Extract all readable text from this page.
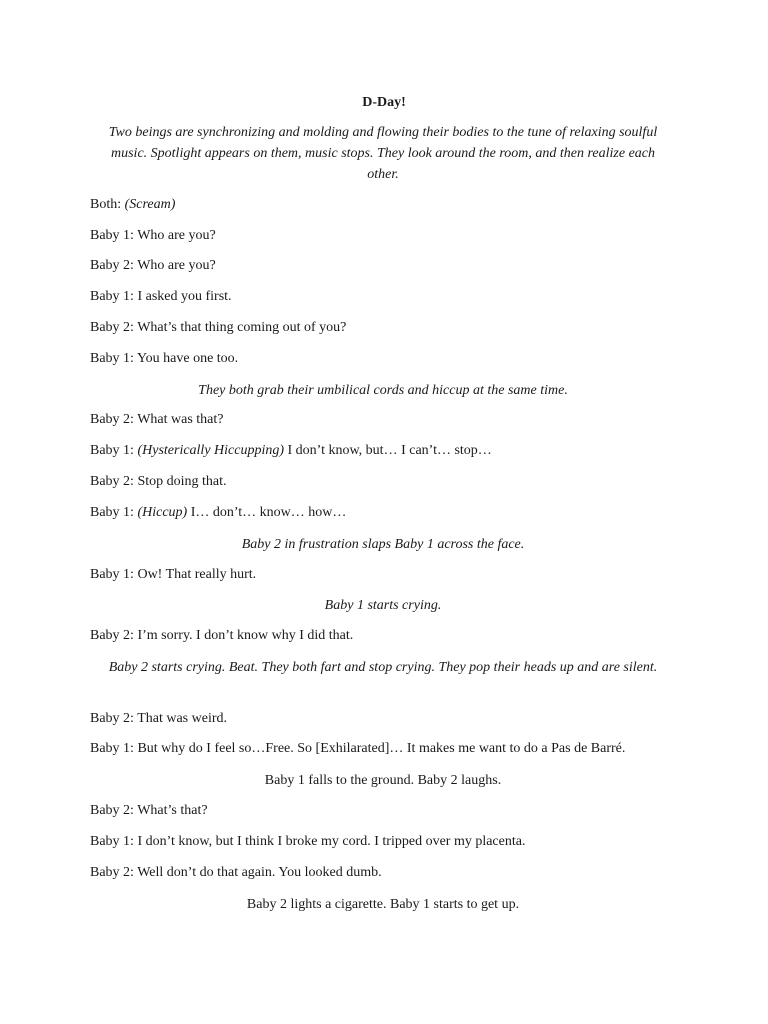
D-Day!
Two beings are synchronizing and molding and flowing their bodies to the tune of relaxing soulful music. Spotlight appears on them, music stops. They look around the room, and then realize each other.
Both: (Scream)
Baby 1: Who are you?
Baby 2: Who are you?
Baby 1: I asked you first.
Baby 2: What’s that thing coming out of you?
Baby 1: You have one too.
They both grab their umbilical cords and hiccup at the same time.
Baby 2: What was that?
Baby 1: (Hysterically Hiccupping) I don’t know, but… I can’t… stop…
Baby 2: Stop doing that.
Baby 1: (Hiccup) I… don’t… know… how…
Baby 2 in frustration slaps Baby 1 across the face.
Baby 1: Ow! That really hurt.
Baby 1 starts crying.
Baby 2: I’m sorry. I don’t know why I did that.
Baby 2 starts crying. Beat. They both fart and stop crying. They pop their heads up and are silent.
Baby 2: That was weird.
Baby 1: But why do I feel so…Free. So [Exhilarated]… It makes me want to do a Pas de Barré.
Baby 1 falls to the ground. Baby 2 laughs.
Baby 2: What’s that?
Baby 1: I don’t know, but I think I broke my cord. I tripped over my placenta.
Baby 2: Well don’t do that again. You looked dumb.
Baby 2 lights a cigarette. Baby 1 starts to get up.
